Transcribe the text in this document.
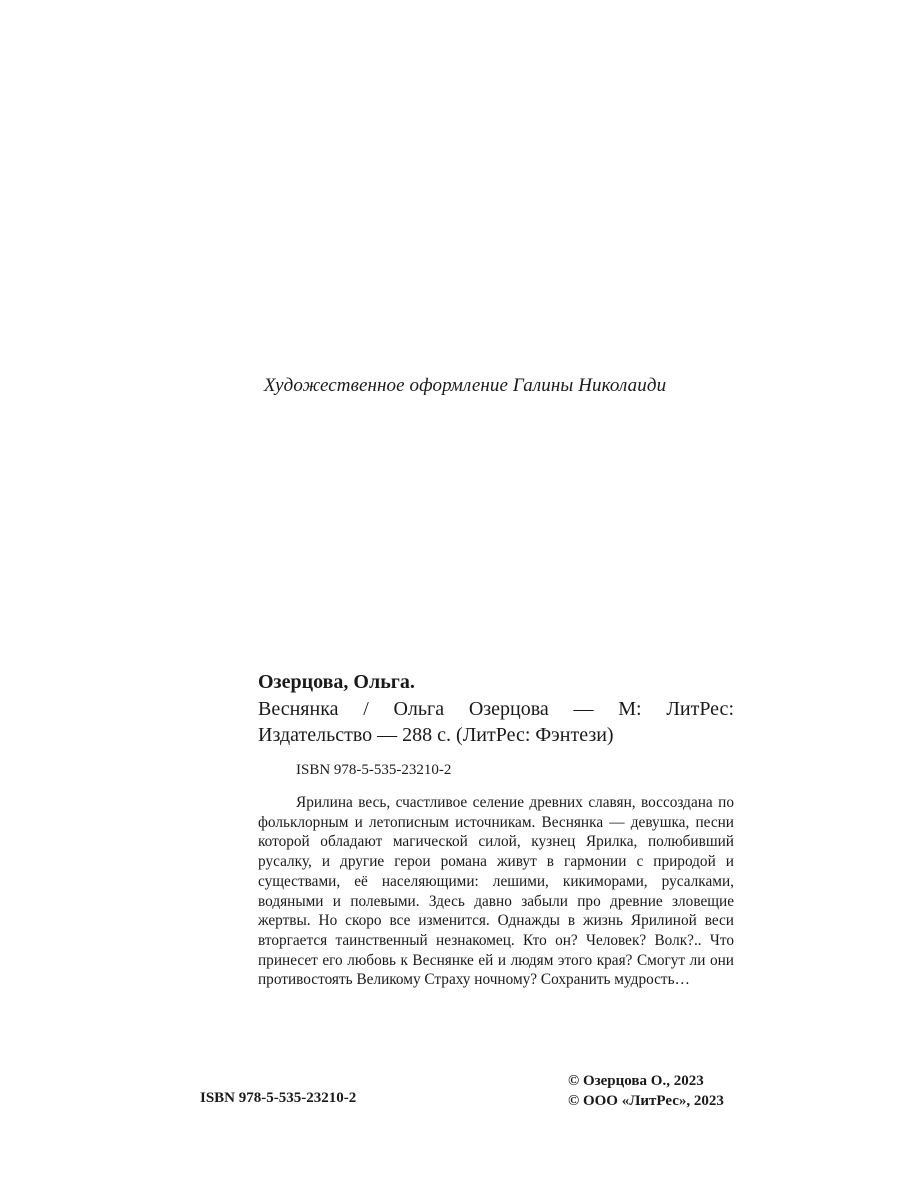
Художественное оформление Галины Николаиди
Озерцова, Ольга.
Веснянка / Ольга Озерцова — М: ЛитРес: Издательство — 288 с. (ЛитРес: Фэнтези)
ISBN 978-5-535-23210-2
Ярилина весь, счастливое селение древних славян, воссоздана по фольклорным и летописным источникам. Веснянка — девушка, песни которой обладают магической силой, кузнец Ярилка, полюбивший русалку, и другие герои романа живут в гармонии с природой и существами, её населяющими: лешими, кикиморами, русалками, водяными и полевыми. Здесь давно забыли про древние зловещие жертвы. Но скоро все изменится. Однажды в жизнь Ярилиной веси вторгается таинственный незнакомец. Кто он? Человек? Волк?.. Что принесет его любовь к Веснянке ей и людям этого края? Смогут ли они противостоять Великому Страху ночному? Сохранить мудрость…
ISBN 978-5-535-23210-2
© Озерцова О., 2023
© ООО «ЛитРес», 2023
